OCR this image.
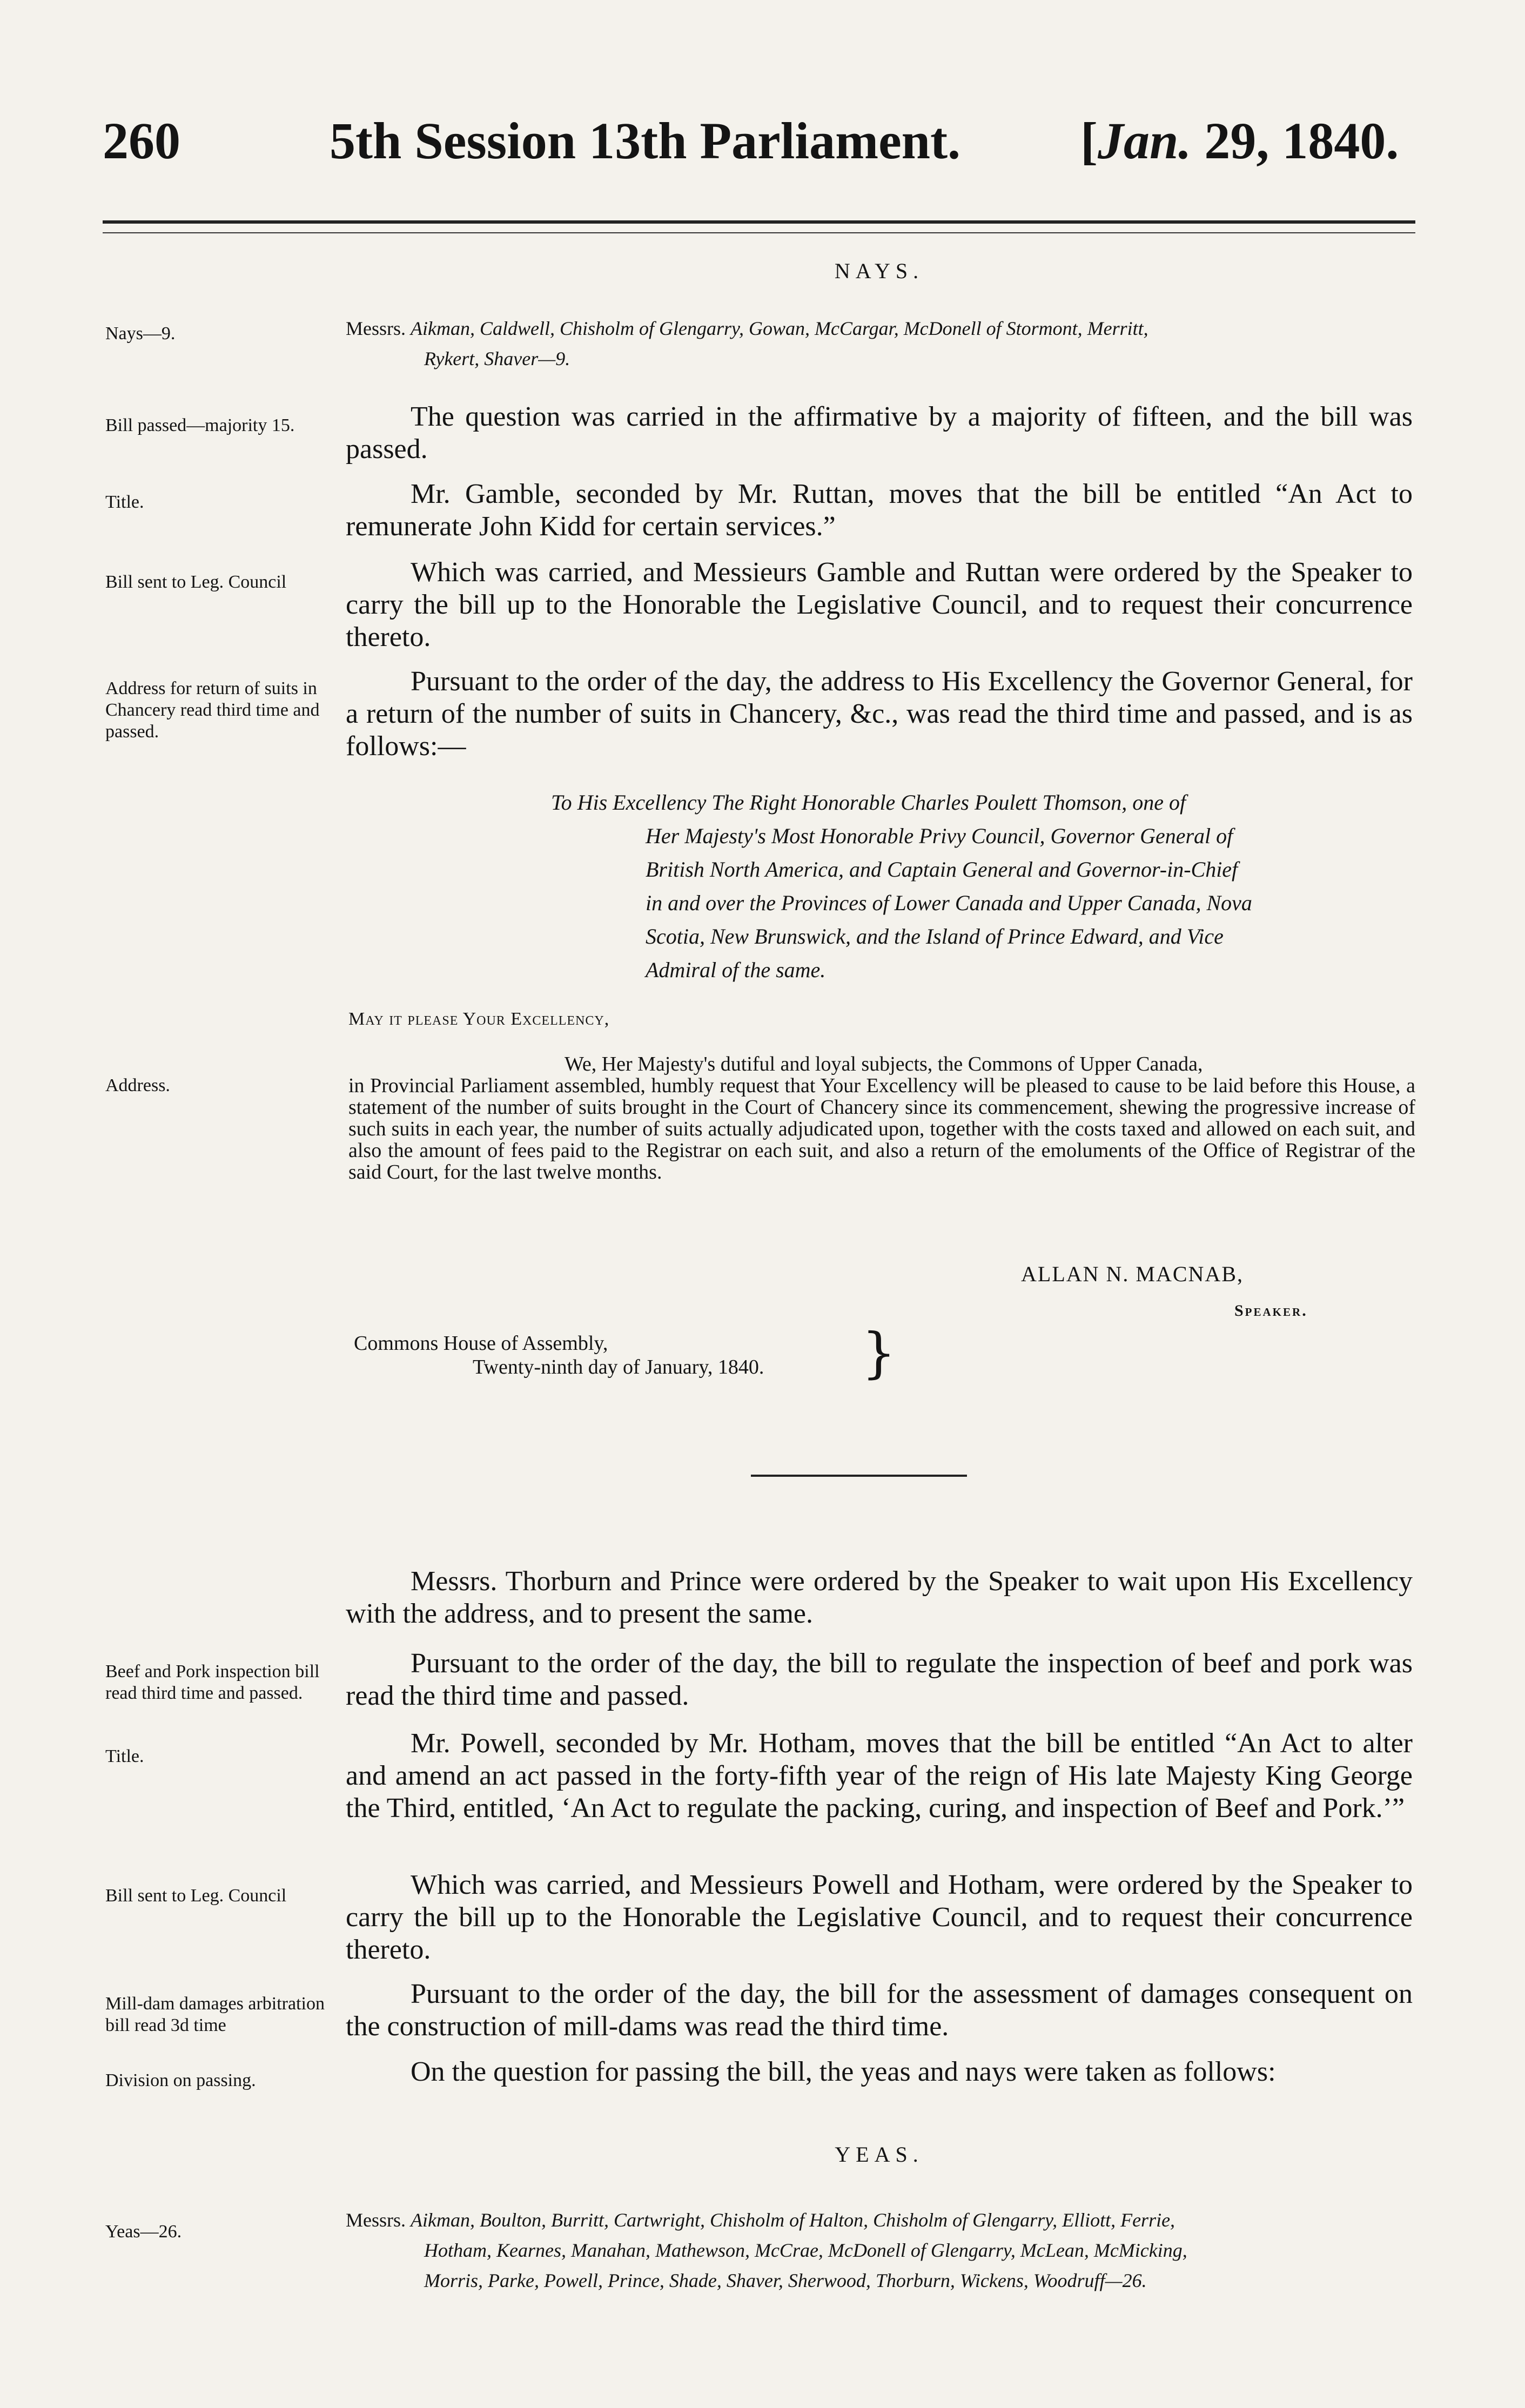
260	5th Session 13th Parliament. [Jan. 29, 1840.
NAYS.
Nays—9.	Messrs. Aikman, Caldwell, Chisholm of Glengarry, Gowan, McCargar, McDonell of Stormont, Merritt,
Rykert, Shaver—9.
Bill passed—majority 15.	The question was carried in the affirmative by a majority of fifteen, and the bill was passed.

Title.	Mr. Gamble, seconded by Mr. Ruttan, moves that the bill be entitled “An Act to remunerate John Kidd for certain services.”

Bill sent to Leg. Council	Which was carried, and Messieurs Gamble and Ruttan were ordered by the Speaker to carry the bill up to the Honorable the Legislative Council, and to request their concurrence thereto.

Address for return of suits in Chancery read third time and passed.

Pursuant to the order of the day, the address to His Excellency the Governor General, for a return of the number of suits in Chancery, &c., was read the third time and passed, and is as follows:—

To His Excellency The Right Honorable Charles Poulett Thomson, one of
Her Majesty's Most Honorable Privy Council, Governor General of
British North America, and Captain General and Governor-in-Chief
in and over the Provinces of Lower Canada and Upper Canada, Nova
Scotia, New Brunswick, and the Island of Prince Edward, and Vice
Admiral of the same.
May it please Your Excellency,
Address.
We, Her Majesty's dutiful and loyal subjects, the Commons of Upper Canada,
in Provincial Parliament assembled, humbly request that Your Excellency will be pleased to cause to be laid before this House, a statement of the number of suits brought in the Court of Chancery since its commencement, shewing the progressive increase of such suits in each year, the number of suits actually adjudicated upon, together with the costs taxed and allowed on each suit, and also the amount of fees paid to the Registrar on each suit, and also a return of the emoluments of the Office of Registrar of the said Court, for the last twelve months.
ALLAN N. MACNAB,
Speaker.
Commons House of Assembly,
Twenty-ninth day of January, 1840. }

Messrs. Thorburn and Prince were ordered by the Speaker to wait upon His Excellency with the address, and to present the same.

Beef and Pork inspection bill read third time and passed.

Pursuant to the order of the day, the bill to regulate the inspection of beef and pork was read the third time and passed.

Title.	Mr. Powell, seconded by Mr. Hotham, moves that the bill be entitled “An Act to alter and amend an act passed in the forty-fifth year of the reign of His late Majesty King George the Third, entitled, ‘An Act to regulate the packing, curing, and inspection of Beef and Pork.’”

Bill sent to Leg. Council	Which was carried, and Messieurs Powell and Hotham, were ordered by the Speaker to carry the bill up to the Honorable the Legislative Council, and to request their concurrence thereto.

Mill-dam damages arbitration bill read 3d time

Pursuant to the order of the day, the bill for the assessment of damages consequent on the construction of mill-dams was read the third time.

Division on passing.	On the question for passing the bill, the yeas and nays were taken as follows:

YEAS.
Yeas—26.
Messrs. Aikman, Boulton, Burritt, Cartwright, Chisholm of Halton, Chisholm of Glengarry, Elliott, Ferrie,
Hotham, Kearnes, Manahan, Mathewson, McCrae, McDonell of Glengarry, McLean, McMicking,
Morris, Parke, Powell, Prince, Shade, Shaver, Sherwood, Thorburn, Wickens, Woodruff—26.
